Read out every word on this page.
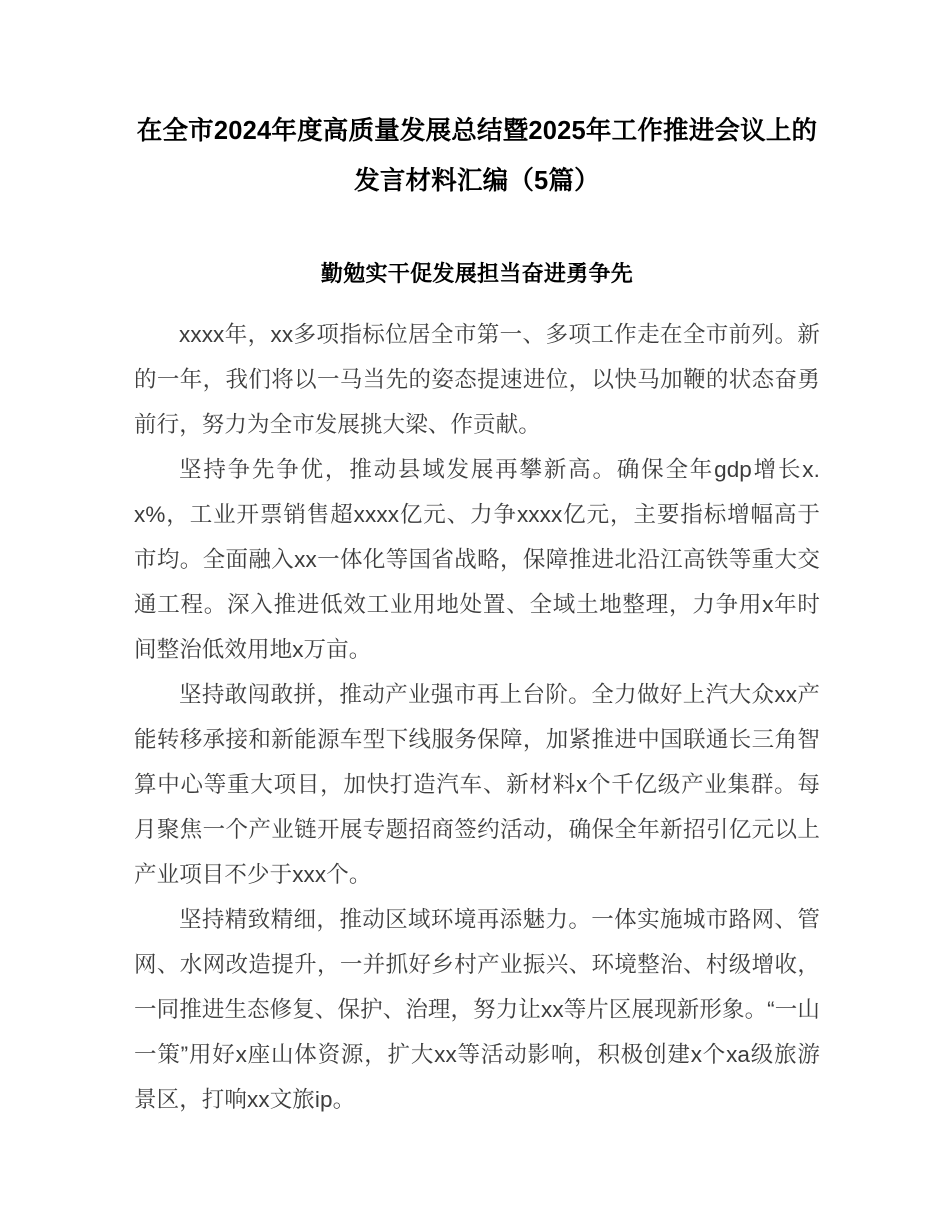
在全市2024年度高质量发展总结暨2025年工作推进会议上的发言材料汇编（5篇）
勤勉实干促发展担当奋进勇争先

xxxx年，xx多项指标位居全市第一、多项工作走在全市前列。新的一年，我们将以一马当先的姿态提速进位，以快马加鞭的状态奋勇前行，努力为全市发展挑大梁、作贡献。

坚持争先争优，推动县域发展再攀新高。确保全年gdp增长x.x%，工业开票销售超xxxx亿元、力争xxxx亿元，主要指标增幅高于市均。全面融入xx一体化等国省战略，保障推进北沿江高铁等重大交通工程。深入推进低效工业用地处置、全域土地整理，力争用x年时间整治低效用地x万亩。

坚持敢闯敢拼，推动产业强市再上台阶。全力做好上汽大众xx产能转移承接和新能源车型下线服务保障，加紧推进中国联通长三角智算中心等重大项目，加快打造汽车、新材料x个千亿级产业集群。每月聚焦一个产业链开展专题招商签约活动，确保全年新招引亿元以上产业项目不少于xxx个。

坚持精致精细，推动区域环境再添魅力。一体实施城市路网、管网、水网改造提升，一并抓好乡村产业振兴、环境整治、村级增收，一同推进生态修复、保护、治理，努力让xx等片区展现新形象。“一山一策”用好x座山体资源，扩大xx等活动影响，积极创建x个xa级旅游景区，打响xx文旅ip。
